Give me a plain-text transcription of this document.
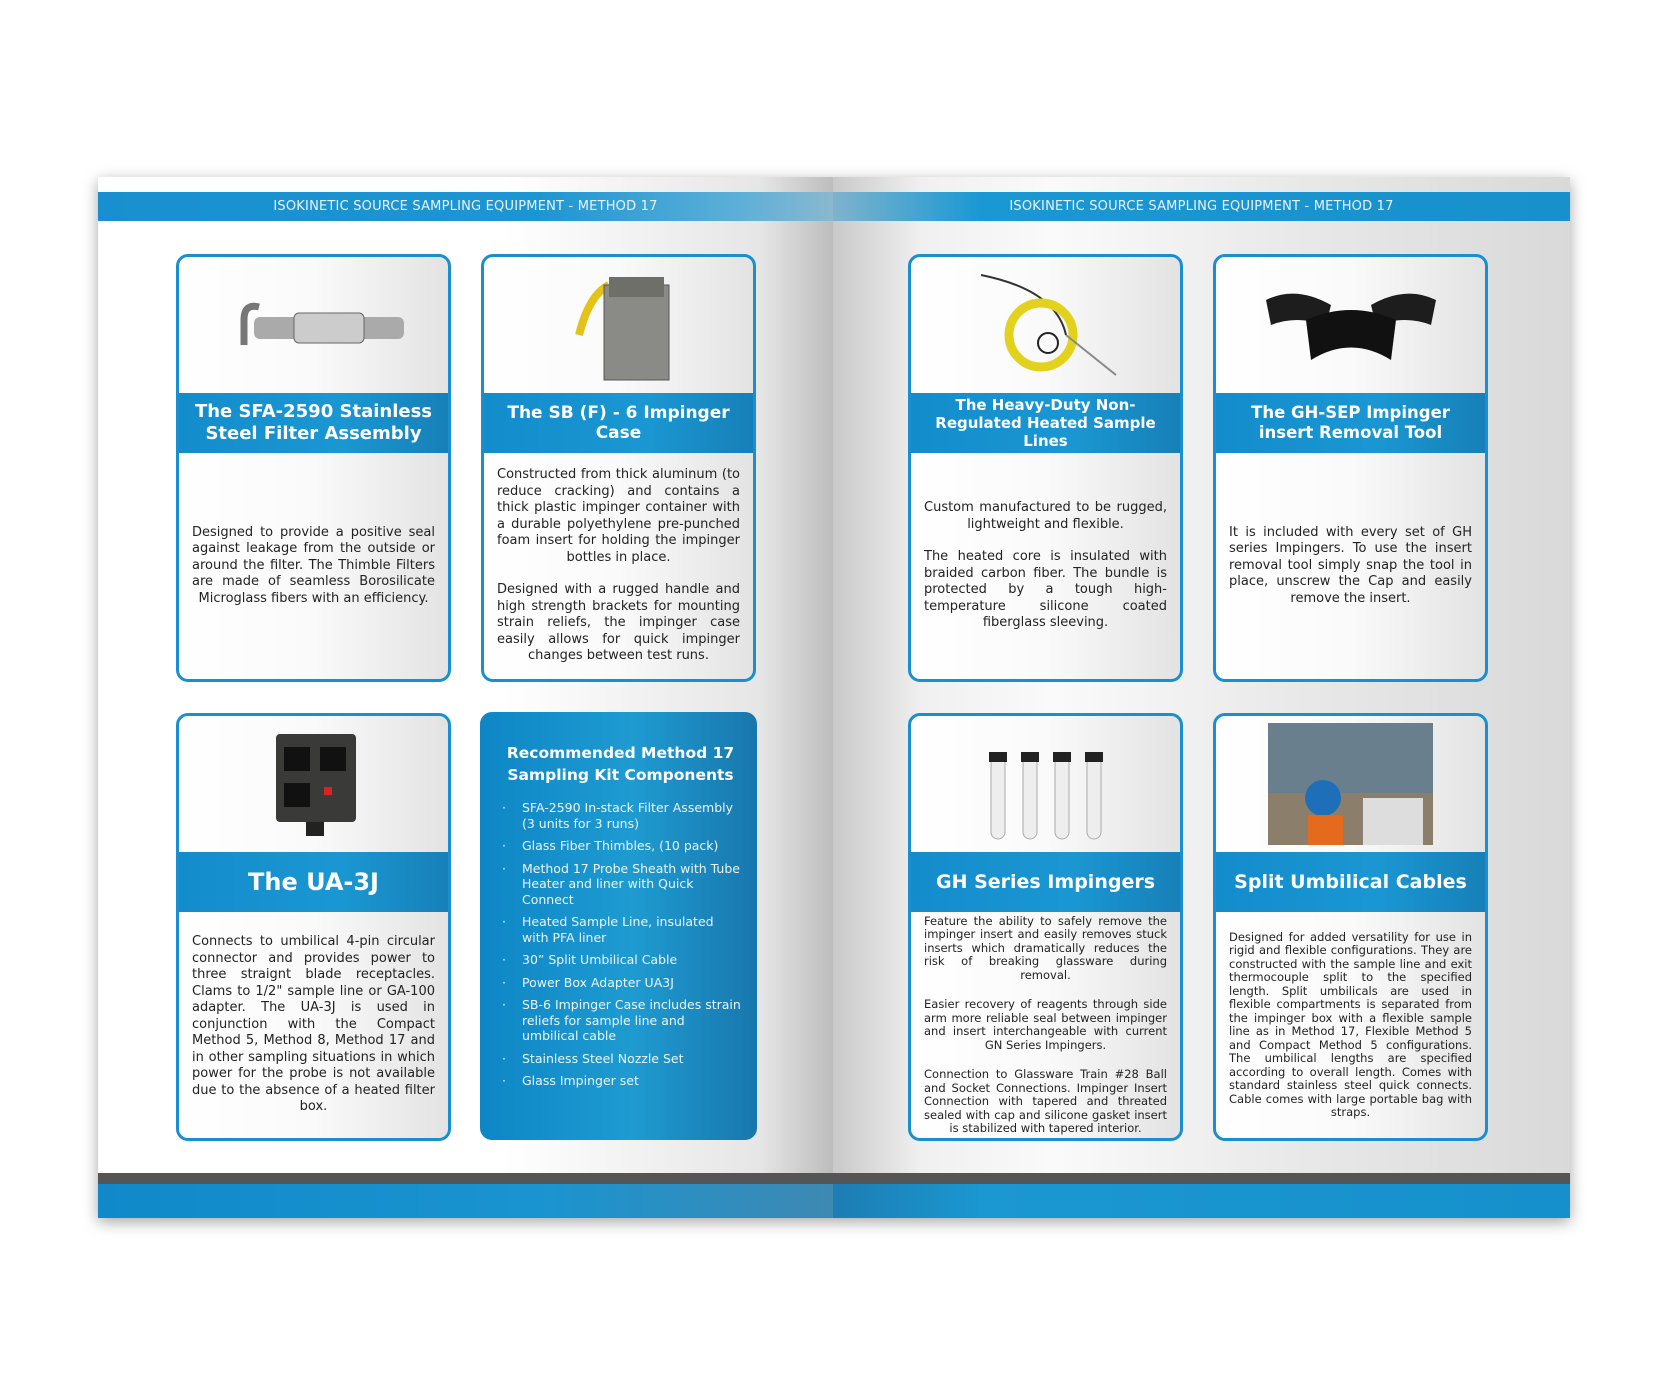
ISOKINETIC SOURCE SAMPLING EQUIPMENT - METHOD 17
The SFA-2590 Stainless Steel Filter Assembly

Designed to provide a positive seal against leakage from the outside or around the filter. The Thimble Filters are made of seamless Borosilicate Microglass fibers with an efficiency.

The SB (F) - 6 Impinger Case

Constructed from thick aluminum (to reduce cracking) and contains a thick plastic impinger container with a durable polyethylene pre-punched foam insert for holding the impinger bottles in place.

Designed with a rugged handle and high strength brackets for mounting strain reliefs, the impinger case easily allows for quick impinger changes between test runs.

The UA-3J

Connects to umbilical 4-pin circular connector and provides power to three straignt blade receptacles. Clams to 1/2" sample line or GA-100 adapter. The UA-3J is used in conjunction with the Compact Method 5, Method 8, Method 17 and in other sampling situations in which power for the probe is not available due to the absence of a heated filter box.

Recommended Method 17 Sampling Kit Components
· SFA-2590 In-stack Filter Assembly (3 units for 3 runs)
· Glass Fiber Thimbles, (10 pack)
· Method 17 Probe Sheath with Tube Heater and liner with Quick Connect
· Heated Sample Line, insulated with PFA liner
· 30” Split Umbilical Cable
· Power Box Adapter UA3J
· SB-6 Impinger Case includes strain reliefs for sample line and umbilical cable
· Stainless Steel Nozzle Set
· Glass Impinger set
ISOKINETIC SOURCE SAMPLING EQUIPMENT - METHOD 17
The Heavy-Duty Non-Regulated Heated Sample Lines

Custom manufactured to be rugged, lightweight and flexible.

The heated core is insulated with braided carbon fiber. The bundle is protected by a tough high-temperature silicone coated fiberglass sleeving.

The GH-SEP Impinger insert Removal Tool

It is included with every set of GH series Impingers. To use the insert removal tool simply snap the tool in place, unscrew the Cap and easily remove the insert.

GH Series Impingers

Feature the ability to safely remove the impinger insert and easily removes stuck inserts which dramatically reduces the risk of breaking glassware during removal.

Easier recovery of reagents through side arm more reliable seal between impinger and insert interchangeable with current GN Series Impingers.

Connection to Glassware Train #28 Ball and Socket Connections. Impinger Insert Connection with tapered and threated sealed with cap and silicone gasket insert is stabilized with tapered interior.

Split Umbilical Cables

Designed for added versatility for use in rigid and flexible configurations. They are constructed with the sample line and exit thermocouple split to the specified length. Split umbilicals are used in flexible compartments is separated from the impinger box with a flexible sample line as in Method 17, Flexible Method 5 and Compact Method 5 configurations. The umbilical lengths are specified according to overall length. Comes with standard stainless steel quick connects. Cable comes with large portable bag with straps.
